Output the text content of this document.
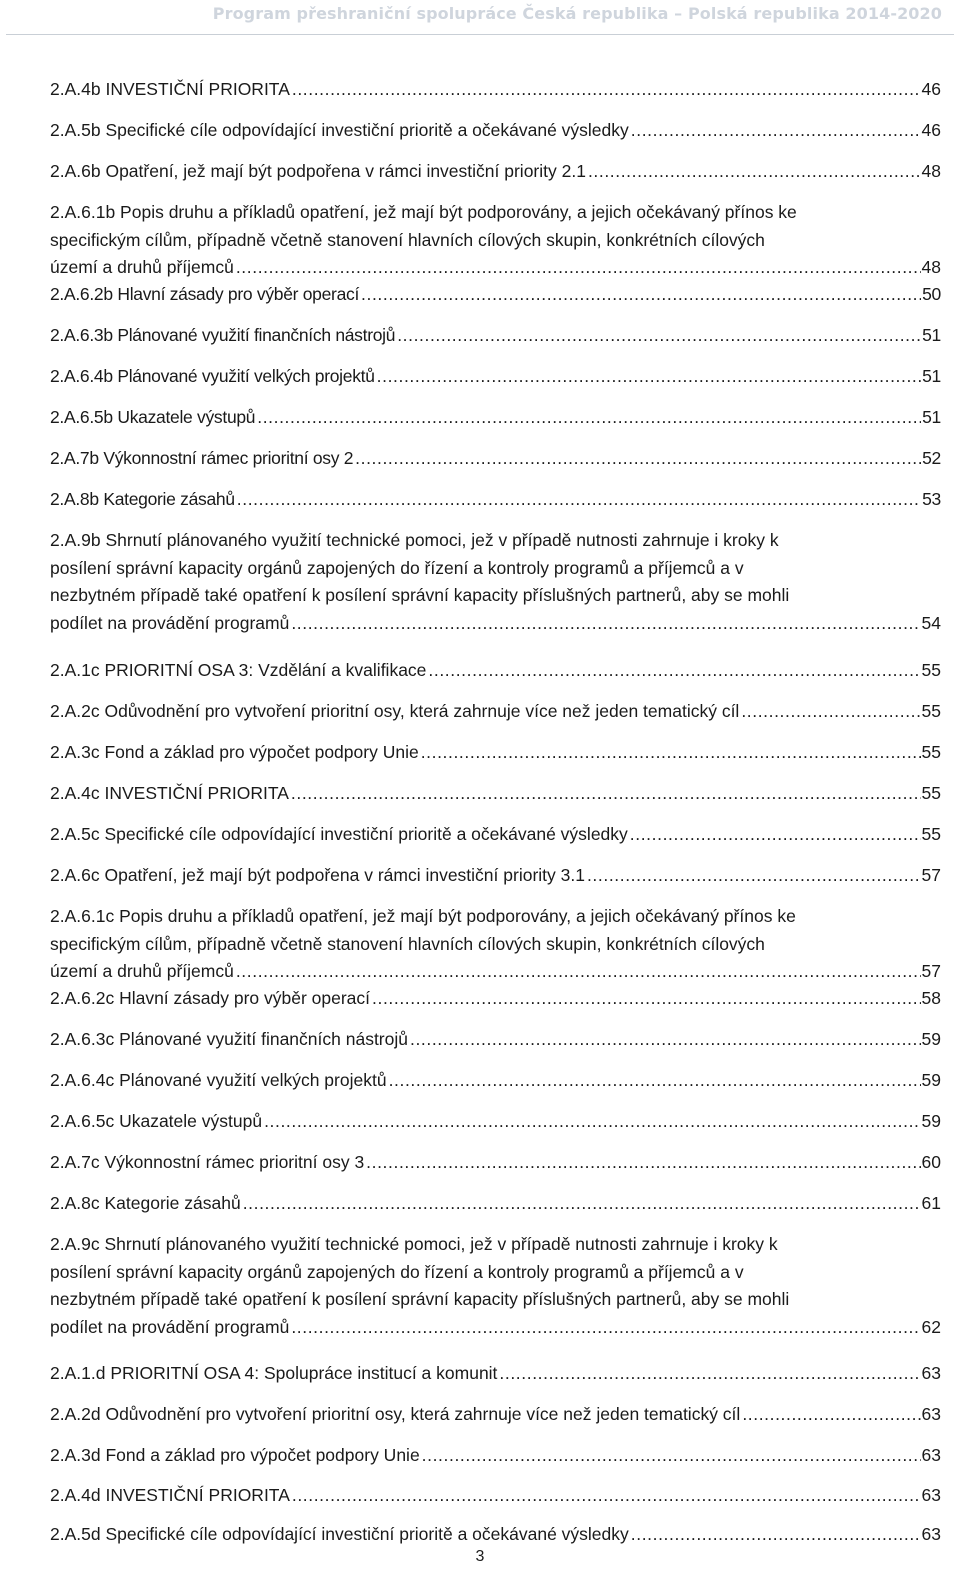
Program přeshraniční spolupráce Česká republika – Polská republika 2014-2020
2.A.4b INVESTIČNÍ PRIORITA .....	46
2.A.5b Specifické cíle odpovídající investiční prioritě a očekávané výsledky .....	46
2.A.6b Opatření, jež mají být podpořena v rámci investiční priority 2.1 .....	48
2.A.6.1b Popis druhu a příkladů opatření, jež mají být podporovány, a jejich očekávaný přínos ke
specifickým cílům, případně včetně stanovení hlavních cílových skupin, konkrétních cílových
území a druhů příjemců .....	48
2.A.6.2b Hlavní zásady pro výběr operací .....	50
2.A.6.3b Plánované využití finančních nástrojů .....	51
2.A.6.4b Plánované využití velkých projektů .....	51
2.A.6.5b Ukazatele výstupů .....	51
2.A.7b Výkonnostní rámec prioritní osy 2 .....	52
2.A.8b Kategorie zásahů .....	53
2.A.9b Shrnutí plánovaného využití technické pomoci, jež v případě nutnosti zahrnuje i kroky k
posílení správní kapacity orgánů zapojených do řízení a kontroly programů a příjemců a v
nezbytném případě také opatření k posílení správní kapacity příslušných partnerů, aby se mohli
podílet na provádění programů .....	54
2.A.1c PRIORITNÍ OSA 3: Vzdělání a kvalifikace .....	55
2.A.2c Odůvodnění pro vytvoření prioritní osy, která zahrnuje více než jeden tematický cíl .....	55
2.A.3c Fond a základ pro výpočet podpory Unie .....	55
2.A.4c INVESTIČNÍ PRIORITA .....	55
2.A.5c Specifické cíle odpovídající investiční prioritě a očekávané výsledky .....	55
2.A.6c Opatření, jež mají být podpořena v rámci investiční priority 3.1 .....	57
2.A.6.1c Popis druhu a příkladů opatření, jež mají být podporovány, a jejich očekávaný přínos ke
specifickým cílům, případně včetně stanovení hlavních cílových skupin, konkrétních cílových
území a druhů příjemců .....	57
2.A.6.2c Hlavní zásady pro výběr operací .....	58
2.A.6.3c Plánované využití finančních nástrojů .....	59
2.A.6.4c Plánované využití velkých projektů .....	59
2.A.6.5c Ukazatele výstupů .....	59
2.A.7c Výkonnostní rámec prioritní osy 3 .....	60
2.A.8c Kategorie zásahů .....	61
2.A.9c Shrnutí plánovaného využití technické pomoci, jež v případě nutnosti zahrnuje i kroky k
posílení správní kapacity orgánů zapojených do řízení a kontroly programů a příjemců a v
nezbytném případě také opatření k posílení správní kapacity příslušných partnerů, aby se mohli
podílet na provádění programů .....	62
2.A.1.d PRIORITNÍ OSA 4: Spolupráce institucí a komunit .....	63
2.A.2d Odůvodnění pro vytvoření prioritní osy, která zahrnuje více než jeden tematický cíl .....	63
2.A.3d Fond a základ pro výpočet podpory Unie .....	63
2.A.4d INVESTIČNÍ PRIORITA .....	63
2.A.5d Specifické cíle odpovídající investiční prioritě a očekávané výsledky .....	63
3
